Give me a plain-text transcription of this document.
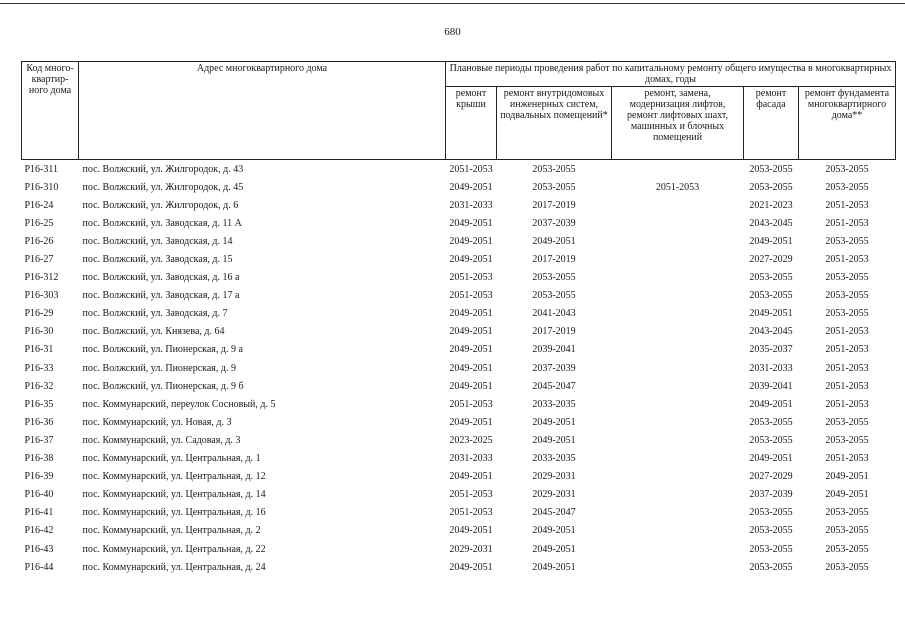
680
Код много-квартир-ного дома	Адрес многоквартирного дома	Плановые периоды проведения работ по капитальному ремонту общего имущества в многоквартирных домах, годы				
		ремонт крыши	ремонт внутридомовых инженерных систем, подвальных помещений*	ремонт, замена, модернизация лифтов, ремонт лифтовых шахт, машинных и блочных помещений	ремонт фасада	ремонт фундамента многоквартирного дома**
P16-311	пос. Волжский, ул. Жилгородок, д. 43	2051-2053	2053-2055		2053-2055	2053-2055
P16-310	пос. Волжский, ул. Жилгородок, д. 45	2049-2051	2053-2055	2051-2053	2053-2055	2053-2055
P16-24	пос. Волжский, ул. Жилгородок, д. 6	2031-2033	2017-2019		2021-2023	2051-2053
P16-25	пос. Волжский, ул. Заводская, д. 11 А	2049-2051	2037-2039		2043-2045	2051-2053
P16-26	пос. Волжский, ул. Заводская, д. 14	2049-2051	2049-2051		2049-2051	2053-2055
P16-27	пос. Волжский, ул. Заводская, д. 15	2049-2051	2017-2019		2027-2029	2051-2053
P16-312	пос. Волжский, ул. Заводская, д. 16 а	2051-2053	2053-2055		2053-2055	2053-2055
P16-303	пос. Волжский, ул. Заводская, д. 17 а	2051-2053	2053-2055		2053-2055	2053-2055
P16-29	пос. Волжский, ул. Заводская, д. 7	2049-2051	2041-2043		2049-2051	2053-2055
P16-30	пос. Волжский, ул. Князева, д. 64	2049-2051	2017-2019		2043-2045	2051-2053
P16-31	пос. Волжский, ул. Пионерская, д. 9 а	2049-2051	2039-2041		2035-2037	2051-2053
P16-33	пос. Волжский, ул. Пионерская, д. 9	2049-2051	2037-2039		2031-2033	2051-2053
P16-32	пос. Волжский, ул. Пионерская, д. 9 б	2049-2051	2045-2047		2039-2041	2051-2053
P16-35	пос. Коммунарский, переулок Сосновый, д. 5	2051-2053	2033-2035		2049-2051	2051-2053
P16-36	пос. Коммунарский, ул. Новая, д. 3	2049-2051	2049-2051		2053-2055	2053-2055
P16-37	пос. Коммунарский, ул. Садовая, д. 3	2023-2025	2049-2051		2053-2055	2053-2055
P16-38	пос. Коммунарский, ул. Центральная, д. 1	2031-2033	2033-2035		2049-2051	2051-2053
P16-39	пос. Коммунарский, ул. Центральная, д. 12	2049-2051	2029-2031		2027-2029	2049-2051
P16-40	пос. Коммунарский, ул. Центральная, д. 14	2051-2053	2029-2031		2037-2039	2049-2051
P16-41	пос. Коммунарский, ул. Центральная, д. 16	2051-2053	2045-2047		2053-2055	2053-2055
P16-42	пос. Коммунарский, ул. Центральная, д. 2	2049-2051	2049-2051		2053-2055	2053-2055
P16-43	пос. Коммунарский, ул. Центральная, д. 22	2029-2031	2049-2051		2053-2055	2053-2055
P16-44	пос. Коммунарский, ул. Центральная, д. 24	2049-2051	2049-2051		2053-2055	2053-2055
